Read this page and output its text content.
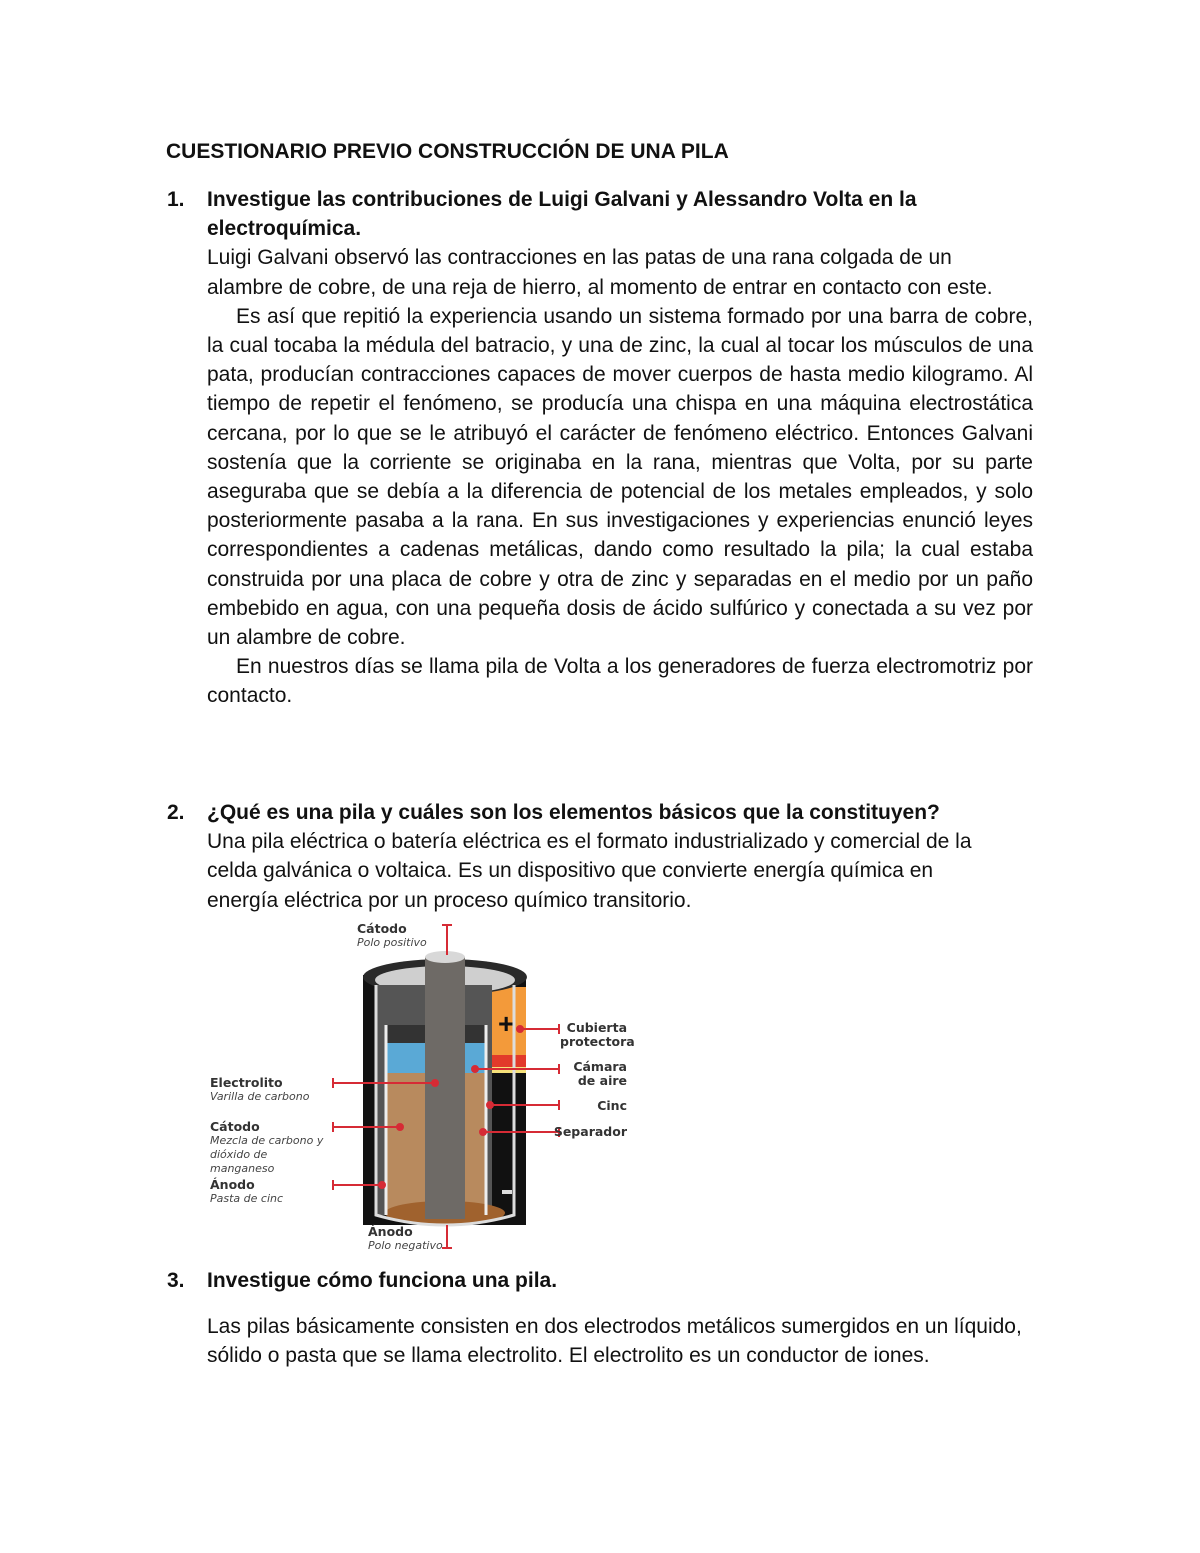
CUESTIONARIO PREVIO CONSTRUCCIÓN DE UNA PILA
1. Investigue las contribuciones de Luigi Galvani y Alessandro Volta en la electroquímica.

Luigi Galvani observó las contracciones en las patas de una rana colgada de un alambre de cobre, de una reja de hierro, al momento de entrar en contacto con este.

Es así que repitió la experiencia usando un sistema formado por una barra de cobre, la cual tocaba la médula del batracio, y una de zinc, la cual al tocar los músculos de una pata, producían contracciones capaces de mover cuerpos de hasta medio kilogramo. Al tiempo de repetir el fenómeno, se producía una chispa en una máquina electrostática cercana, por lo que se le atribuyó el carácter de fenómeno eléctrico. Entonces Galvani sostenía que la corriente se originaba en la rana, mientras que Volta, por su parte aseguraba que se debía a la diferencia de potencial de los metales empleados, y solo posteriormente pasaba a la rana. En sus investigaciones y experiencias enunció leyes correspondientes a cadenas metálicas, dando como resultado la pila; la cual estaba construida por una placa de cobre y otra de zinc y separadas en el medio por un paño embebido en agua, con una pequeña dosis de ácido sulfúrico y conectada a su vez por un alambre de cobre.

En nuestros días se llama pila de Volta a los generadores de fuerza electromotriz por contacto.

2. ¿Qué es una pila y cuáles son los elementos básicos que la constituyen?

Una pila eléctrica o batería eléctrica es el formato industrializado y comercial de la celda galvánica o voltaica. Es un dispositivo que convierte energía química en energía eléctrica por un proceso químico transitorio.

+
Cátodo
Polo positivo
Ánodo
Polo negativo
Electrolito
Varilla de carbono
Cátodo
Mezcla de carbono y dióxido de manganeso
Ánodo
Pasta de cinc
Cubierta protectora
Cámara de aire
Cinc
Separador
3. Investigue cómo funciona una pila.

Las pilas básicamente consisten en dos electrodos metálicos sumergidos en un líquido, sólido o pasta que se llama electrolito. El electrolito es un conductor de iones.
